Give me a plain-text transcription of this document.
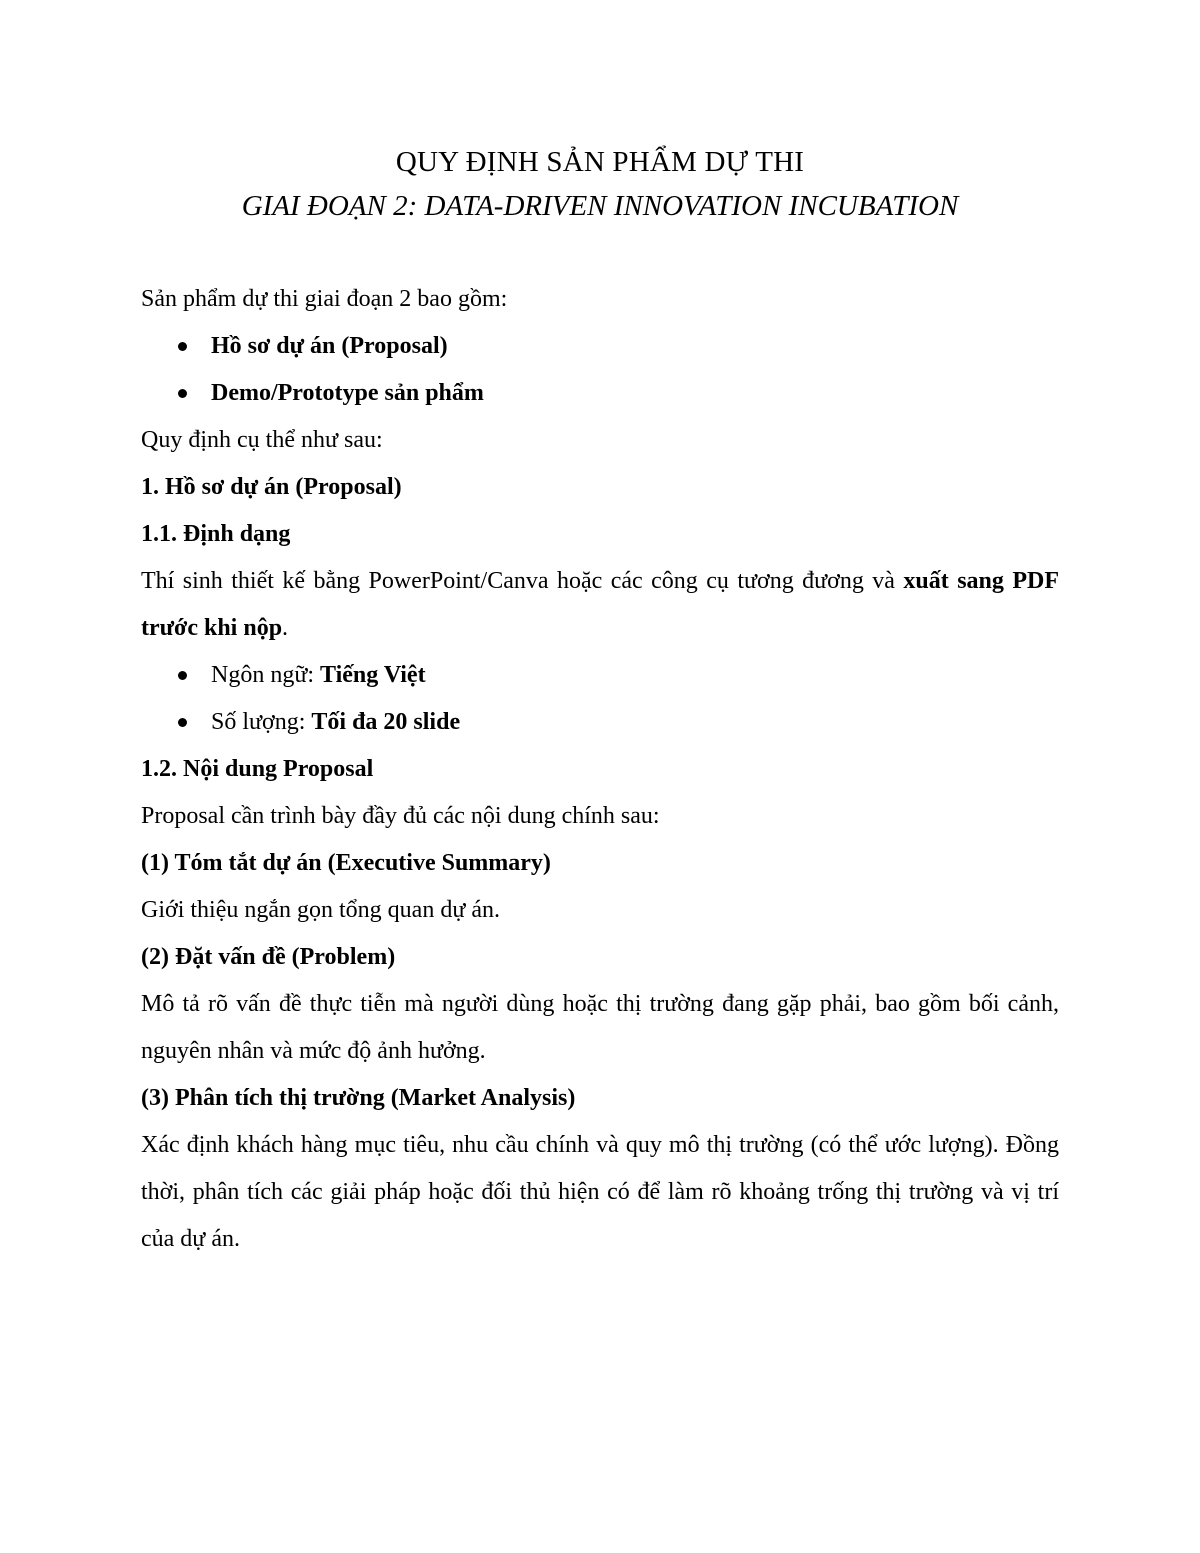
QUY ĐỊNH SẢN PHẨM DỰ THI

GIAI ĐOẠN 2: DATA-DRIVEN INNOVATION INCUBATION

Sản phẩm dự thi giai đoạn 2 bao gồm:

Hồ sơ dự án (Proposal)
Demo/Prototype sản phẩm

Quy định cụ thể như sau:

1. Hồ sơ dự án (Proposal)

1.1. Định dạng

Thí sinh thiết kế bằng PowerPoint/Canva hoặc các công cụ tương đương và xuất sang PDF trước khi nộp.

Ngôn ngữ: Tiếng Việt
Số lượng: Tối đa 20 slide

1.2. Nội dung Proposal

Proposal cần trình bày đầy đủ các nội dung chính sau:

(1) Tóm tắt dự án (Executive Summary)

Giới thiệu ngắn gọn tổng quan dự án.

(2) Đặt vấn đề (Problem)

Mô tả rõ vấn đề thực tiễn mà người dùng hoặc thị trường đang gặp phải, bao gồm bối cảnh, nguyên nhân và mức độ ảnh hưởng.

(3) Phân tích thị trường (Market Analysis)

Xác định khách hàng mục tiêu, nhu cầu chính và quy mô thị trường (có thể ước lượng). Đồng thời, phân tích các giải pháp hoặc đối thủ hiện có để làm rõ khoảng trống thị trường và vị trí của dự án.
